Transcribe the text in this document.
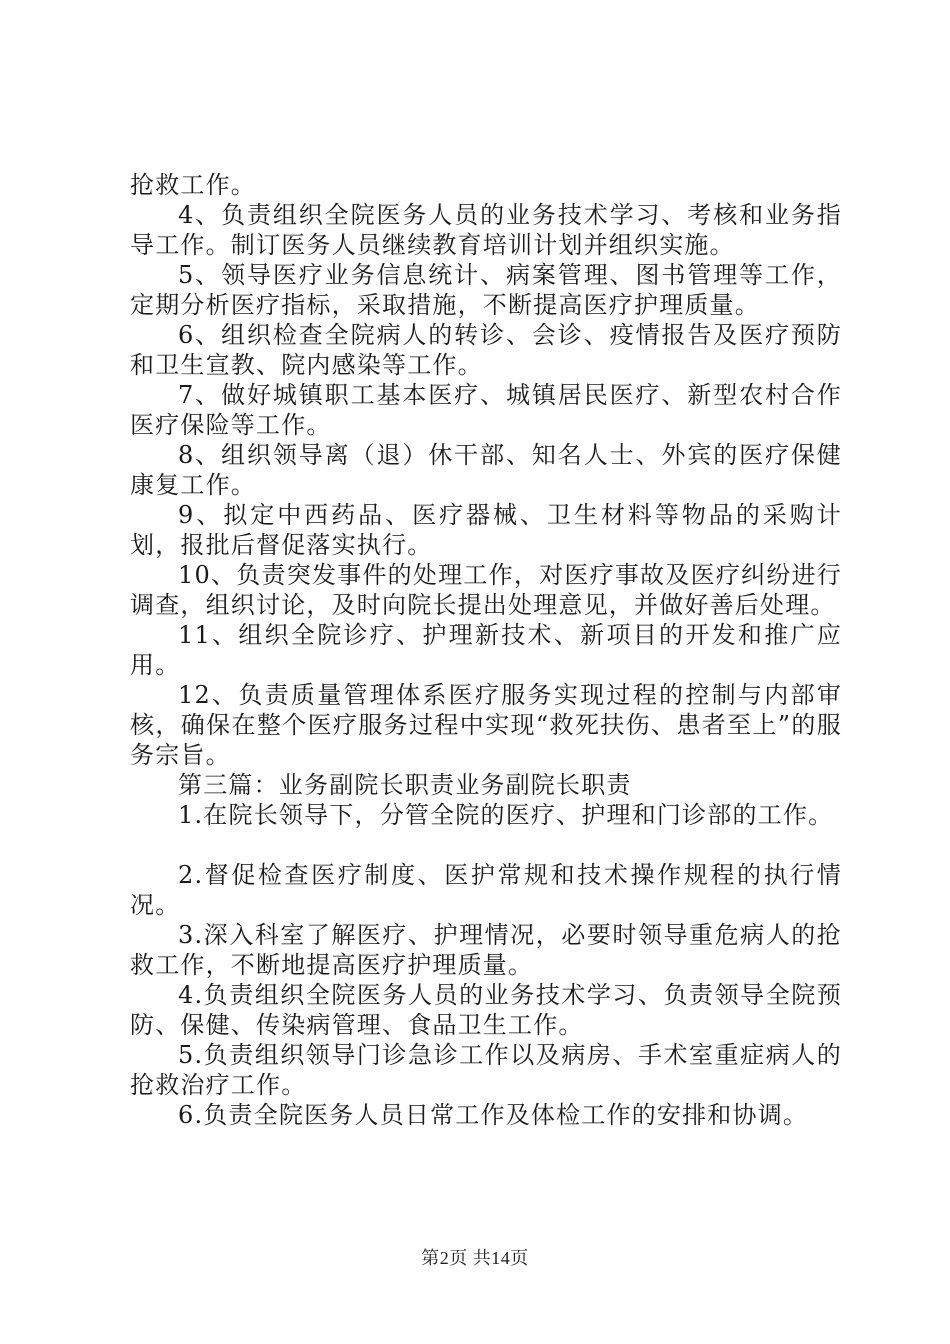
抢救工作。

4、负责组织全院医务人员的业务技术学习、考核和业务指导工作。制订医务人员继续教育培训计划并组织实施。

5、领导医疗业务信息统计、病案管理、图书管理等工作，定期分析医疗指标，采取措施，不断提高医疗护理质量。

6、组织检查全院病人的转诊、会诊、疫情报告及医疗预防和卫生宣教、院内感染等工作。

7、做好城镇职工基本医疗、城镇居民医疗、新型农村合作医疗保险等工作。

8、组织领导离（退）休干部、知名人士、外宾的医疗保健康复工作。

9、拟定中西药品、医疗器械、卫生材料等物品的采购计划，报批后督促落实执行。

10、负责突发事件的处理工作，对医疗事故及医疗纠纷进行调查，组织讨论，及时向院长提出处理意见，并做好善后处理。

11、组织全院诊疗、护理新技术、新项目的开发和推广应用。

12、负责质量管理体系医疗服务实现过程的控制与内部审核，确保在整个医疗服务过程中实现“救死扶伤、患者至上”的服务宗旨。

第三篇：业务副院长职责业务副院长职责

1.在院长领导下，分管全院的医疗、护理和门诊部的工作。

2.督促检查医疗制度、医护常规和技术操作规程的执行情况。

3.深入科室了解医疗、护理情况，必要时领导重危病人的抢救工作，不断地提高医疗护理质量。

4.负责组织全院医务人员的业务技术学习、负责领导全院预防、保健、传染病管理、食品卫生工作。

5.负责组织领导门诊急诊工作以及病房、手术室重症病人的抢救治疗工作。

6.负责全院医务人员日常工作及体检工作的安排和协调。

第2页 共14页
